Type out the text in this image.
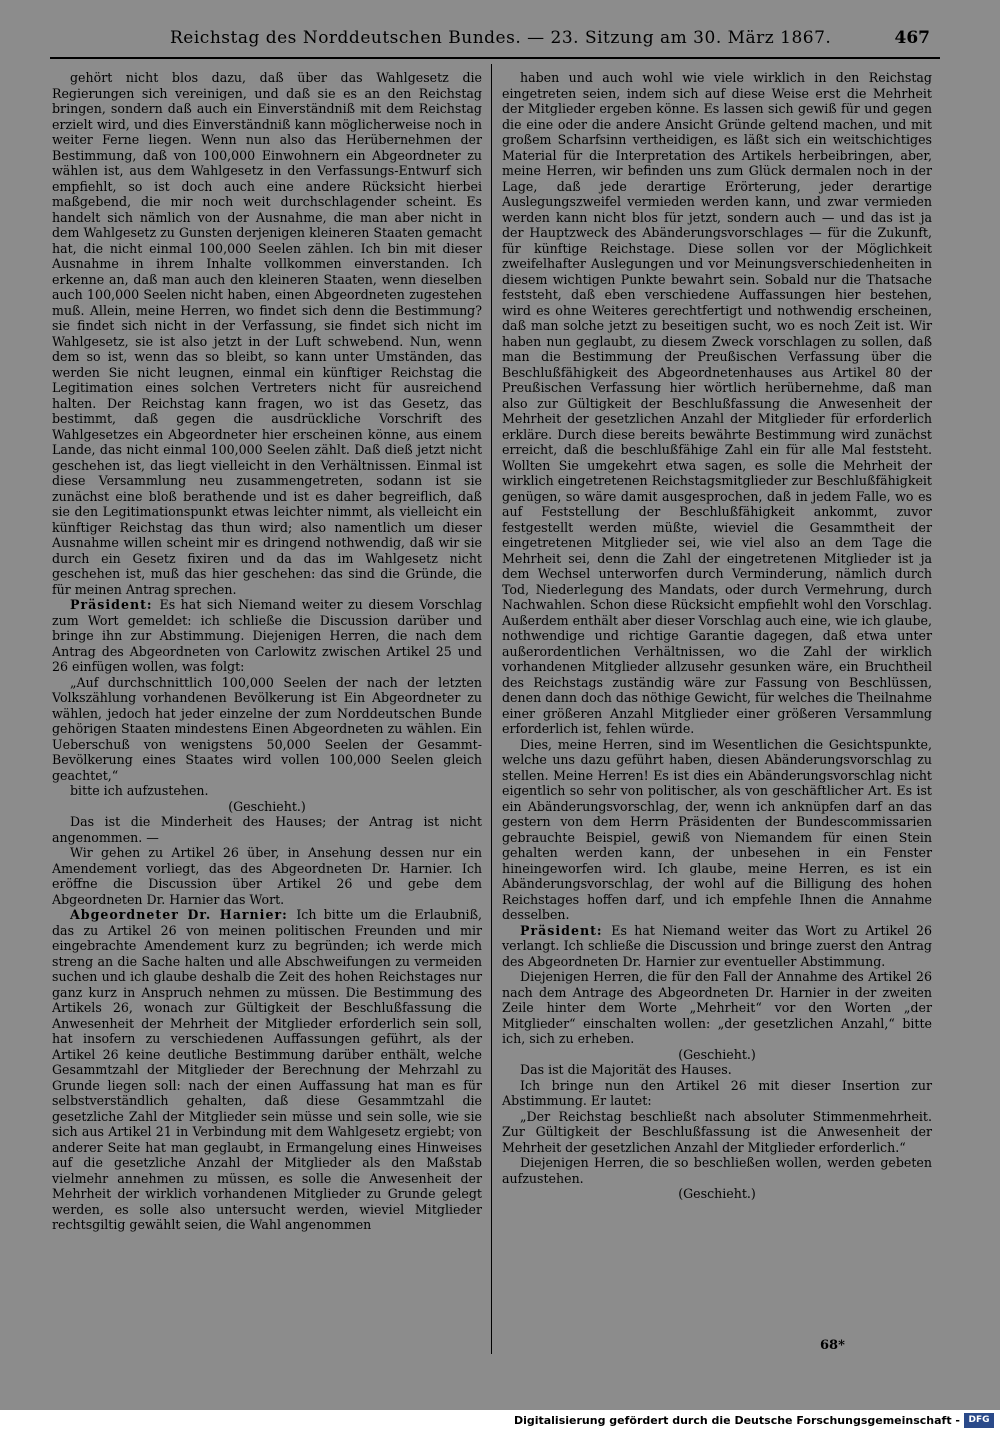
Reichstag des Norddeutschen Bundes. — 23. Sitzung am 30. März 1867.	467

gehört nicht blos dazu, daß über das Wahlgesetz die Regierungen sich vereinigen, und daß sie es an den Reichstag bringen, sondern daß auch ein Einverständniß mit dem Reichstag erzielt wird, und dies Einverständniß kann möglicherweise noch in weiter Ferne liegen. Wenn nun also das Herübernehmen der Bestimmung, daß von 100,000 Einwohnern ein Abgeordneter zu wählen ist, aus dem Wahlgesetz in den Verfassungs-Entwurf sich empfiehlt, so ist doch auch eine andere Rücksicht hierbei maßgebend, die mir noch weit durchschlagender scheint. Es handelt sich nämlich von der Ausnahme, die man aber nicht in dem Wahlgesetz zu Gunsten derjenigen kleineren Staaten gemacht hat, die nicht einmal 100,000 Seelen zählen. Ich bin mit dieser Ausnahme in ihrem Inhalte vollkommen einverstanden. Ich erkenne an, daß man auch den kleineren Staaten, wenn dieselben auch 100,000 Seelen nicht haben, einen Abgeordneten zugestehen muß. Allein, meine Herren, wo findet sich denn die Bestimmung? sie findet sich nicht in der Verfassung, sie findet sich nicht im Wahlgesetz, sie ist also jetzt in der Luft schwebend. Nun, wenn dem so ist, wenn das so bleibt, so kann unter Umständen, das werden Sie nicht leugnen, einmal ein künftiger Reichstag die Legitimation eines solchen Vertreters nicht für ausreichend halten. Der Reichstag kann fragen, wo ist das Gesetz, das bestimmt, daß gegen die ausdrückliche Vorschrift des Wahlgesetzes ein Abgeordneter hier erscheinen könne, aus einem Lande, das nicht einmal 100,000 Seelen zählt. Daß dieß jetzt nicht geschehen ist, das liegt vielleicht in den Verhältnissen. Einmal ist diese Versammlung neu zusammengetreten, sodann ist sie zunächst eine bloß berathende und ist es daher begreiflich, daß sie den Legitimationspunkt etwas leichter nimmt, als vielleicht ein künftiger Reichstag das thun wird; also namentlich um dieser Ausnahme willen scheint mir es dringend nothwendig, daß wir sie durch ein Gesetz fixiren und da das im Wahlgesetz nicht geschehen ist, muß das hier geschehen: das sind die Gründe, die für meinen Antrag sprechen.

Präsident: Es hat sich Niemand weiter zu diesem Vorschlag zum Wort gemeldet: ich schließe die Discussion darüber und bringe ihn zur Abstimmung. Diejenigen Herren, die nach dem Antrag des Abgeordneten von Carlowitz zwischen Artikel 25 und 26 einfügen wollen, was folgt:

„Auf durchschnittlich 100,000 Seelen der nach der letzten Volkszählung vorhandenen Bevölkerung ist Ein Abgeordneter zu wählen, jedoch hat jeder einzelne der zum Norddeutschen Bunde gehörigen Staaten mindestens Einen Abgeordneten zu wählen. Ein Ueberschuß von wenigstens 50,000 Seelen der Gesammt-Bevölkerung eines Staates wird vollen 100,000 Seelen gleich geachtet,“

bitte ich aufzustehen.

(Geschieht.)

Das ist die Minderheit des Hauses; der Antrag ist nicht angenommen. —

Wir gehen zu Artikel 26 über, in Ansehung dessen nur ein Amendement vorliegt, das des Abgeordneten Dr. Harnier. Ich eröffne die Discussion über Artikel 26 und gebe dem Abgeordneten Dr. Harnier das Wort.

Abgeordneter Dr. Harnier: Ich bitte um die Erlaubniß, das zu Artikel 26 von meinen politischen Freunden und mir eingebrachte Amendement kurz zu begründen; ich werde mich streng an die Sache halten und alle Abschweifungen zu vermeiden suchen und ich glaube deshalb die Zeit des hohen Reichstages nur ganz kurz in Anspruch nehmen zu müssen. Die Bestimmung des Artikels 26, wonach zur Gültigkeit der Beschlußfassung die Anwesenheit der Mehrheit der Mitglieder erforderlich sein soll, hat insofern zu verschiedenen Auffassungen geführt, als der Artikel 26 keine deutliche Bestimmung darüber enthält, welche Gesammtzahl der Mitglieder der Berechnung der Mehrzahl zu Grunde liegen soll: nach der einen Auffassung hat man es für selbstverständlich gehalten, daß diese Gesammtzahl die gesetzliche Zahl der Mitglieder sein müsse und sein solle, wie sie sich aus Artikel 21 in Verbindung mit dem Wahlgesetz ergiebt; von anderer Seite hat man geglaubt, in Ermangelung eines Hinweises auf die gesetzliche Anzahl der Mitglieder als den Maßstab vielmehr annehmen zu müssen, es solle die Anwesenheit der Mehrheit der wirklich vorhandenen Mitglieder zu Grunde gelegt werden, es solle also untersucht werden, wieviel Mitglieder rechtsgiltig gewählt seien, die Wahl angenommen

haben und auch wohl wie viele wirklich in den Reichstag eingetreten seien, indem sich auf diese Weise erst die Mehrheit der Mitglieder ergeben könne. Es lassen sich gewiß für und gegen die eine oder die andere Ansicht Gründe geltend machen, und mit großem Scharfsinn vertheidigen, es läßt sich ein weitschichtiges Material für die Interpretation des Artikels herbeibringen, aber, meine Herren, wir befinden uns zum Glück dermalen noch in der Lage, daß jede derartige Erörterung, jeder derartige Auslegungszweifel vermieden werden kann, und zwar vermieden werden kann nicht blos für jetzt, sondern auch — und das ist ja der Hauptzweck des Abänderungsvorschlages — für die Zukunft, für künftige Reichstage. Diese sollen vor der Möglichkeit zweifelhafter Auslegungen und vor Meinungsverschiedenheiten in diesem wichtigen Punkte bewahrt sein. Sobald nur die Thatsache feststeht, daß eben verschiedene Auffassungen hier bestehen, wird es ohne Weiteres gerechtfertigt und nothwendig erscheinen, daß man solche jetzt zu beseitigen sucht, wo es noch Zeit ist. Wir haben nun geglaubt, zu diesem Zweck vorschlagen zu sollen, daß man die Bestimmung der Preußischen Verfassung über die Beschlußfähigkeit des Abgeordnetenhauses aus Artikel 80 der Preußischen Verfassung hier wörtlich herübernehme, daß man also zur Gültigkeit der Beschlußfassung die Anwesenheit der Mehrheit der gesetzlichen Anzahl der Mitglieder für erforderlich erkläre. Durch diese bereits bewährte Bestimmung wird zunächst erreicht, daß die beschlußfähige Zahl ein für alle Mal feststeht. Wollten Sie umgekehrt etwa sagen, es solle die Mehrheit der wirklich eingetretenen Reichstagsmitglieder zur Beschlußfähigkeit genügen, so wäre damit ausgesprochen, daß in jedem Falle, wo es auf Feststellung der Beschlußfähigkeit ankommt, zuvor festgestellt werden müßte, wieviel die Gesammtheit der eingetretenen Mitglieder sei, wie viel also an dem Tage die Mehrheit sei, denn die Zahl der eingetretenen Mitglieder ist ja dem Wechsel unterworfen durch Verminderung, nämlich durch Tod, Niederlegung des Mandats, oder durch Vermehrung, durch Nachwahlen. Schon diese Rücksicht empfiehlt wohl den Vorschlag. Außerdem enthält aber dieser Vorschlag auch eine, wie ich glaube, nothwendige und richtige Garantie dagegen, daß etwa unter außerordentlichen Verhältnissen, wo die Zahl der wirklich vorhandenen Mitglieder allzusehr gesunken wäre, ein Bruchtheil des Reichstags zuständig wäre zur Fassung von Beschlüssen, denen dann doch das nöthige Gewicht, für welches die Theilnahme einer größeren Anzahl Mitglieder einer größeren Versammlung erforderlich ist, fehlen würde.

Dies, meine Herren, sind im Wesentlichen die Gesichtspunkte, welche uns dazu geführt haben, diesen Abänderungsvorschlag zu stellen. Meine Herren! Es ist dies ein Abänderungsvorschlag nicht eigentlich so sehr von politischer, als von geschäftlicher Art. Es ist ein Abänderungsvorschlag, der, wenn ich anknüpfen darf an das gestern von dem Herrn Präsidenten der Bundescommissarien gebrauchte Beispiel, gewiß von Niemandem für einen Stein gehalten werden kann, der unbesehen in ein Fenster hineingeworfen wird. Ich glaube, meine Herren, es ist ein Abänderungsvorschlag, der wohl auf die Billigung des hohen Reichstages hoffen darf, und ich empfehle Ihnen die Annahme desselben.

Präsident: Es hat Niemand weiter das Wort zu Artikel 26 verlangt. Ich schließe die Discussion und bringe zuerst den Antrag des Abgeordneten Dr. Harnier zur eventueller Abstimmung.

Diejenigen Herren, die für den Fall der Annahme des Artikel 26 nach dem Antrage des Abgeordneten Dr. Harnier in der zweiten Zeile hinter dem Worte „Mehrheit“ vor den Worten „der Mitglieder“ einschalten wollen: „der gesetzlichen Anzahl,“ bitte ich, sich zu erheben.

(Geschieht.)

Das ist die Majorität des Hauses.

Ich bringe nun den Artikel 26 mit dieser Insertion zur Abstimmung. Er lautet:

„Der Reichstag beschließt nach absoluter Stimmenmehrheit. Zur Gültigkeit der Beschlußfassung ist die Anwesenheit der Mehrheit der gesetzlichen Anzahl der Mitglieder erforderlich.“

Diejenigen Herren, die so beschließen wollen, werden gebeten aufzustehen.

(Geschieht.)

68*
Digitalisierung gefördert durch die Deutsche Forschungsgemeinschaft - DFG
